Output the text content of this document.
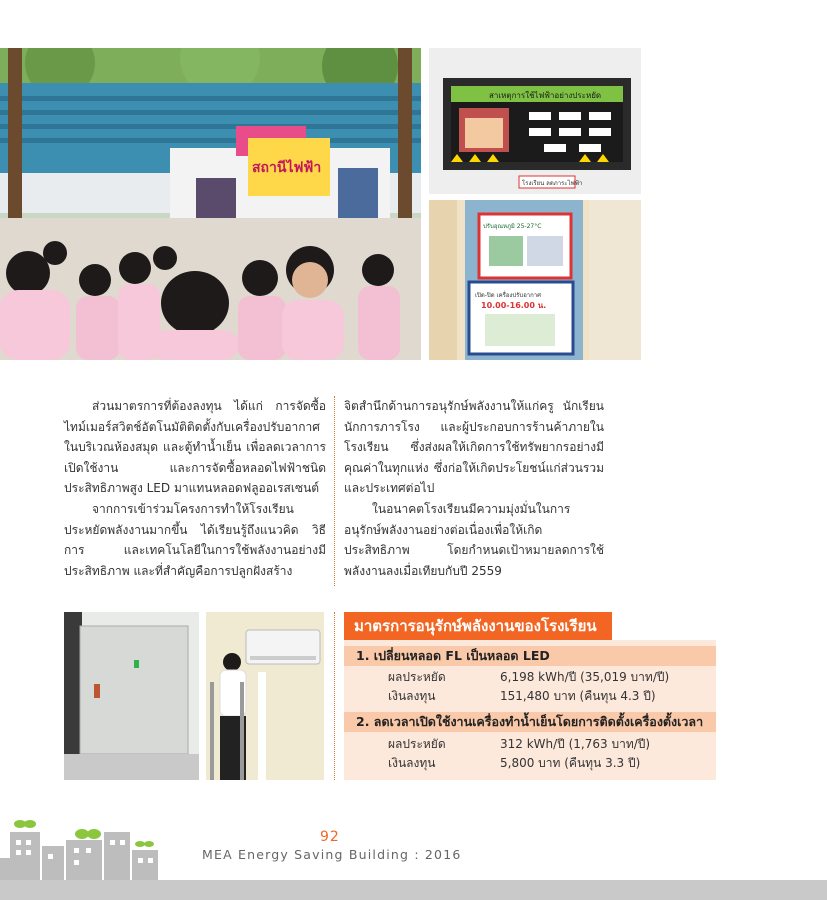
สถานีไฟฟ้า
สาเหตุการใช้ไฟฟ้าอย่างประหยัด
โรงเรียน ลดภาระไฟฟ้า
ปรับอุณหภูมิ 25-27°C
เปิด-ปิด เครื่องปรับอากาศ
10.00-16.00 น.

ส่วนมาตรการที่ต้องลงทุน ได้แก่ การจัดซื้อไทม์เมอร์สวิตช์อัตโนมัติติดตั้งกับเครื่องปรับอากาศในบริเวณห้องสมุด และตู้ทำน้ำเย็น เพื่อลดเวลาการเปิดใช้งาน และการจัดซื้อหลอดไฟฟ้าชนิดประสิทธิภาพสูง LED มาแทนหลอดฟลูออเรสเซนต์

จากการเข้าร่วมโครงการทำให้โรงเรียนประหยัดพลังงานมากขึ้น ได้เรียนรู้ถึงแนวคิด วิธีการ และเทคโนโลยีในการใช้พลังงานอย่างมีประสิทธิภาพ และที่สำคัญคือการปลูกฝังสร้าง

จิตสำนึกด้านการอนุรักษ์พลังงานให้แก่ครู นักเรียน นักการภารโรง และผู้ประกอบการร้านค้าภายในโรงเรียน ซึ่งส่งผลให้เกิดการใช้ทรัพยากรอย่างมีคุณค่าในทุกแห่ง ซึ่งก่อให้เกิดประโยชน์แก่ส่วนรวมและประเทศต่อไป

ในอนาคตโรงเรียนมีความมุ่งมั่นในการอนุรักษ์พลังงานอย่างต่อเนื่องเพื่อให้เกิดประสิทธิภาพ โดยกำหนดเป้าหมายลดการใช้พลังงานลงเมื่อเทียบกับปี 2559

มาตรการอนุรักษ์พลังงานของโรงเรียน
1. เปลี่ยนหลอด FL เป็นหลอด LED
ผลประหยัด	6,198 kWh/ปี (35,019 บาท/ปี)
เงินลงทุน	151,480 บาท (คืนทุน 4.3 ปี)
2. ลดเวลาเปิดใช้งานเครื่องทำน้ำเย็นโดยการติดตั้งเครื่องตั้งเวลา
ผลประหยัด	312 kWh/ปี (1,763 บาท/ปี)
เงินลงทุน	5,800 บาท (คืนทุน 3.3 ปี)
92
MEA Energy Saving Building : 2016
